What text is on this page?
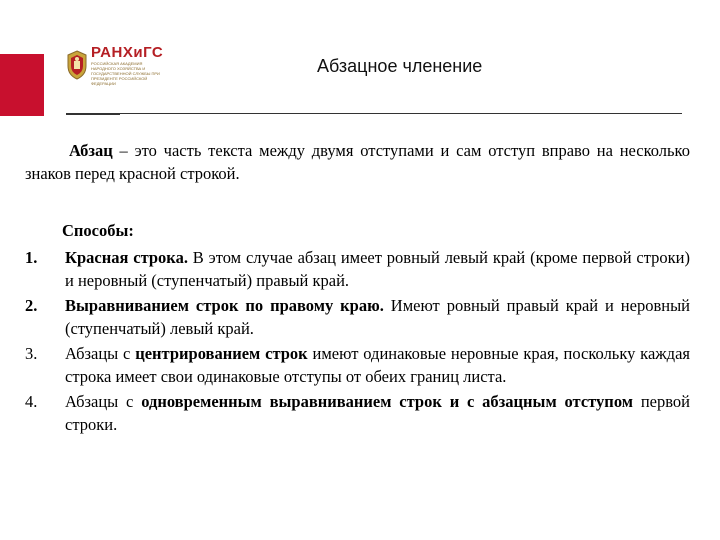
РАНХиГС
РОССИЙСКАЯ АКАДЕМИЯ НАРОДНОГО ХОЗЯЙСТВА И ГОСУДАРСТВЕННОЙ СЛУЖБЫ ПРИ ПРЕЗИДЕНТЕ РОССИЙСКОЙ ФЕДЕРАЦИИ
Абзацное членение

Абзац – это часть текста между двумя отступами и сам отступ вправо на несколько знаков перед красной строкой.

Способы:

1.	Красная строка. В этом случае абзац имеет ровный левый край (кроме первой строки) и неровный (ступенчатый) правый край.
2.	Выравниванием строк по правому краю. Имеют ровный правый край и неровный (ступенчатый) левый край.
3.	Абзацы с центрированием строк имеют одинаковые неровные края, поскольку каждая строка имеет свои одинаковые отступы от обеих границ листа.
4.	Абзацы с одновременным выравниванием строк и с абзацным отступом первой строки.
